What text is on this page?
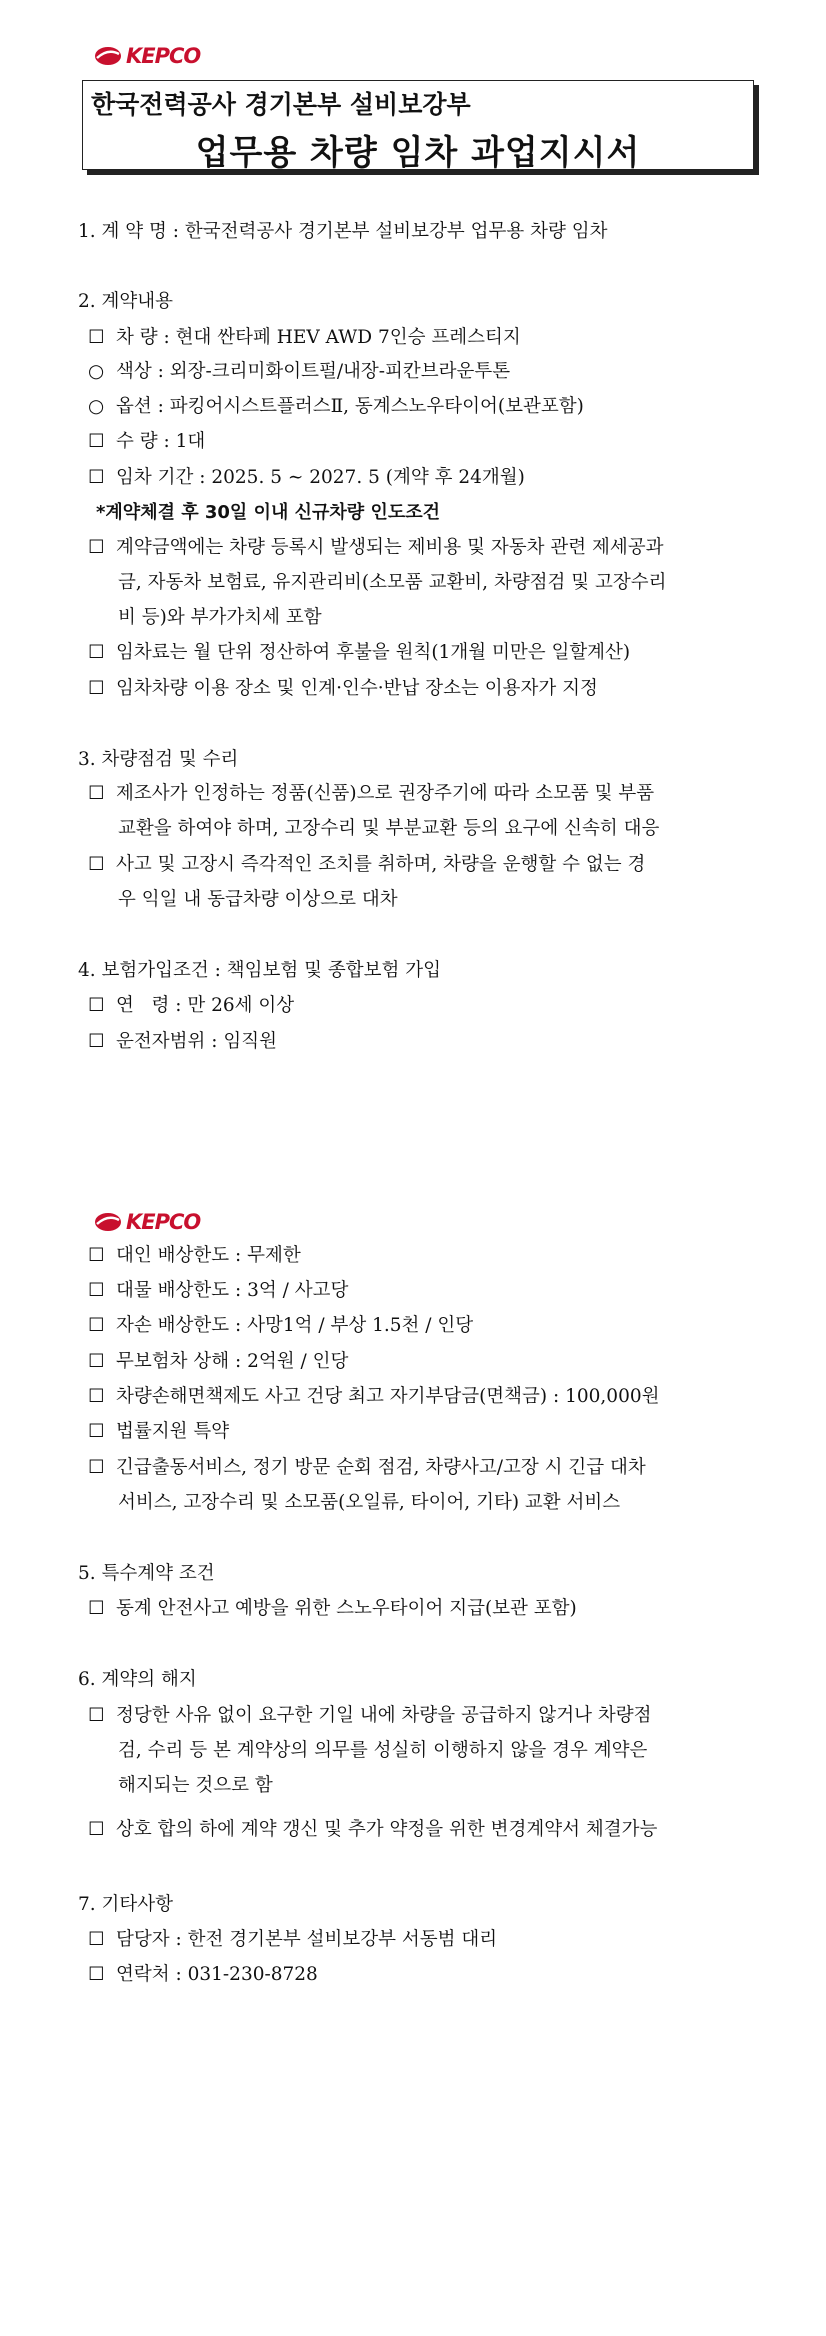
KEPCO
한국전력공사 경기본부 설비보강부
업무용 차량 임차 과업지시서
1. 계 약 명 : 한국전력공사 경기본부 설비보강부 업무용 차량 임차
2. 계약내용
☐ 차 량 : 현대 싼타페 HEV AWD 7인승 프레스티지
○ 색상 : 외장-크리미화이트펄/내장-피칸브라운투톤
○ 옵션 : 파킹어시스트플러스Ⅱ, 동계스노우타이어(보관포함)
☐ 수 량 : 1대
☐ 임차 기간 : 2025. 5 ∼ 2027. 5 (계약 후 24개월)
*계약체결 후 30일 이내 신규차량 인도조건
☐ 계약금액에는 차량 등록시 발생되는 제비용 및 자동차 관련 제세공과
금, 자동차 보험료, 유지관리비(소모품 교환비, 차량점검 및 고장수리
비 등)와 부가가치세 포함
☐ 임차료는 월 단위 정산하여 후불을 원칙(1개월 미만은 일할계산)
☐ 임차차량 이용 장소 및 인계·인수·반납 장소는 이용자가 지정
3. 차량점검 및 수리
☐ 제조사가 인정하는 정품(신품)으로 권장주기에 따라 소모품 및 부품
교환을 하여야 하며, 고장수리 및 부분교환 등의 요구에 신속히 대응
☐ 사고 및 고장시 즉각적인 조치를 취하며, 차량을 운행할 수 없는 경
우 익일 내 동급차량 이상으로 대차
4. 보험가입조건 : 책임보험 및 종합보험 가입
☐ 연   령 : 만 26세 이상
☐ 운전자범위 : 임직원
KEPCO
☐ 대인 배상한도 : 무제한
☐ 대물 배상한도 : 3억 / 사고당
☐ 자손 배상한도 : 사망1억 / 부상 1.5천 / 인당
☐ 무보험차 상해 : 2억원 / 인당
☐ 차량손해면책제도 사고 건당 최고 자기부담금(면책금) : 100,000원
☐ 법률지원 특약
☐ 긴급출동서비스, 정기 방문 순회 점검, 차량사고/고장 시 긴급 대차
서비스, 고장수리 및 소모품(오일류, 타이어, 기타) 교환 서비스
5. 특수계약 조건
☐ 동계 안전사고 예방을 위한 스노우타이어 지급(보관 포함)
6. 계약의 해지
☐ 정당한 사유 없이 요구한 기일 내에 차량을 공급하지 않거나 차량점
검, 수리 등 본 계약상의 의무를 성실히 이행하지 않을 경우 계약은
해지되는 것으로 함
☐ 상호 합의 하에 계약 갱신 및 추가 약정을 위한 변경계약서 체결가능
7. 기타사항
☐ 담당자 : 한전 경기본부 설비보강부 서동범 대리
☐ 연락처 : 031-230-8728
